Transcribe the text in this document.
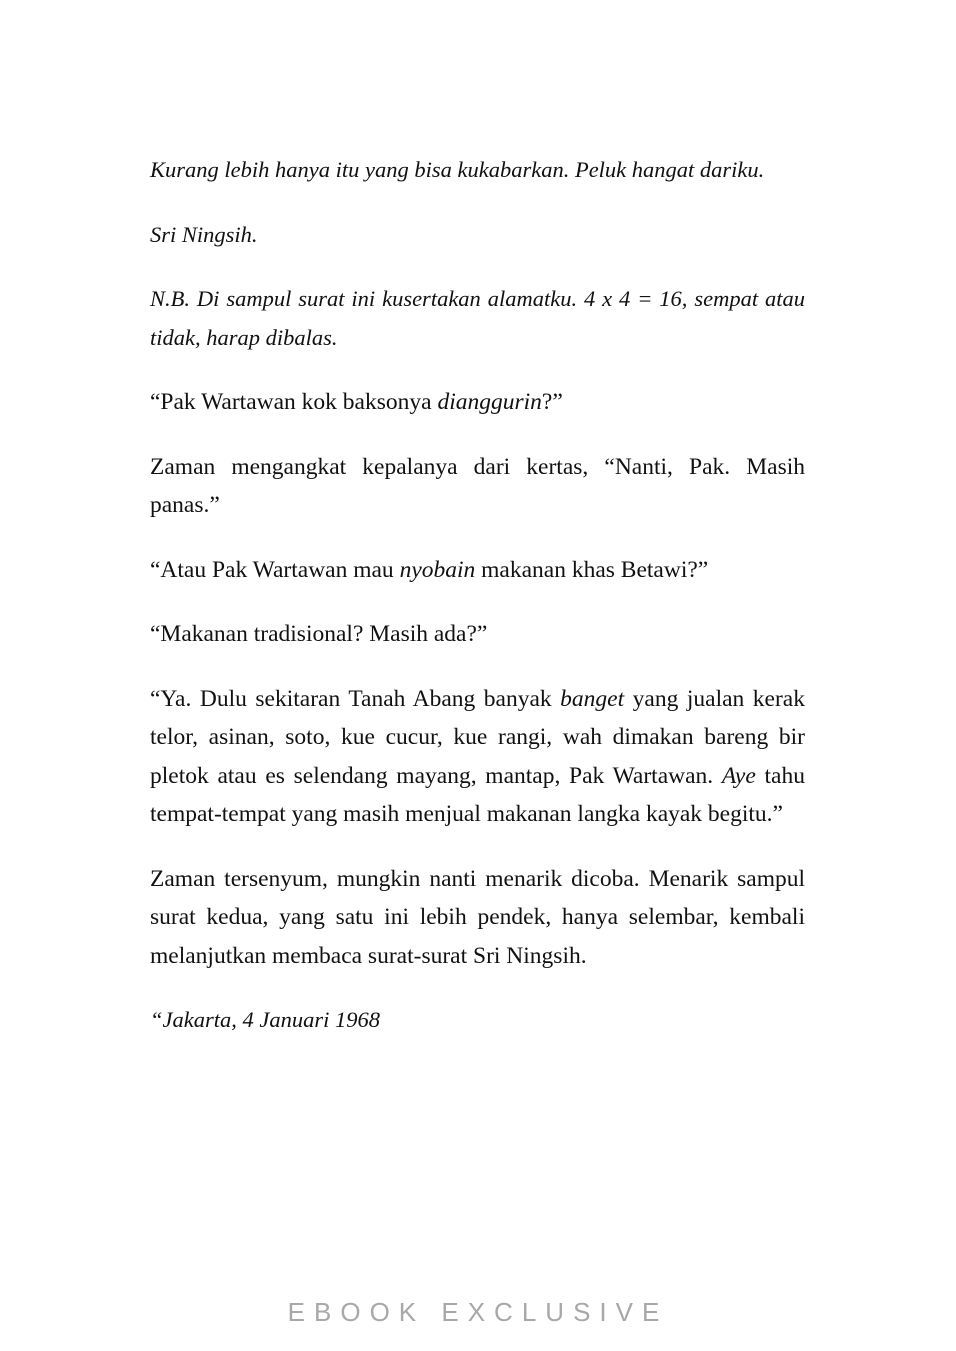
Kurang lebih hanya itu yang bisa kukabarkan. Peluk hangat dariku.

Sri Ningsih.

N.B. Di sampul surat ini kusertakan alamatku. 4 x 4 = 16, sempat atau tidak, harap dibalas.

“Pak Wartawan kok baksonya dianggurin?”

Zaman mengangkat kepalanya dari kertas, “Nanti, Pak. Masih panas.”

“Atau Pak Wartawan mau nyobain makanan khas Betawi?”

“Makanan tradisional? Masih ada?”

“Ya. Dulu sekitaran Tanah Abang banyak banget yang jualan kerak telor, asinan, soto, kue cucur, kue rangi, wah dimakan bareng bir pletok atau es selendang mayang, mantap, Pak Wartawan. Aye tahu tempat-tempat yang masih menjual makanan langka kayak begitu.”

Zaman tersenyum, mungkin nanti menarik dicoba. Menarik sampul surat kedua, yang satu ini lebih pendek, hanya selembar, kembali melanjutkan membaca surat-surat Sri Ningsih.

“Jakarta, 4 Januari 1968

EBOOK EXCLUSIVE
